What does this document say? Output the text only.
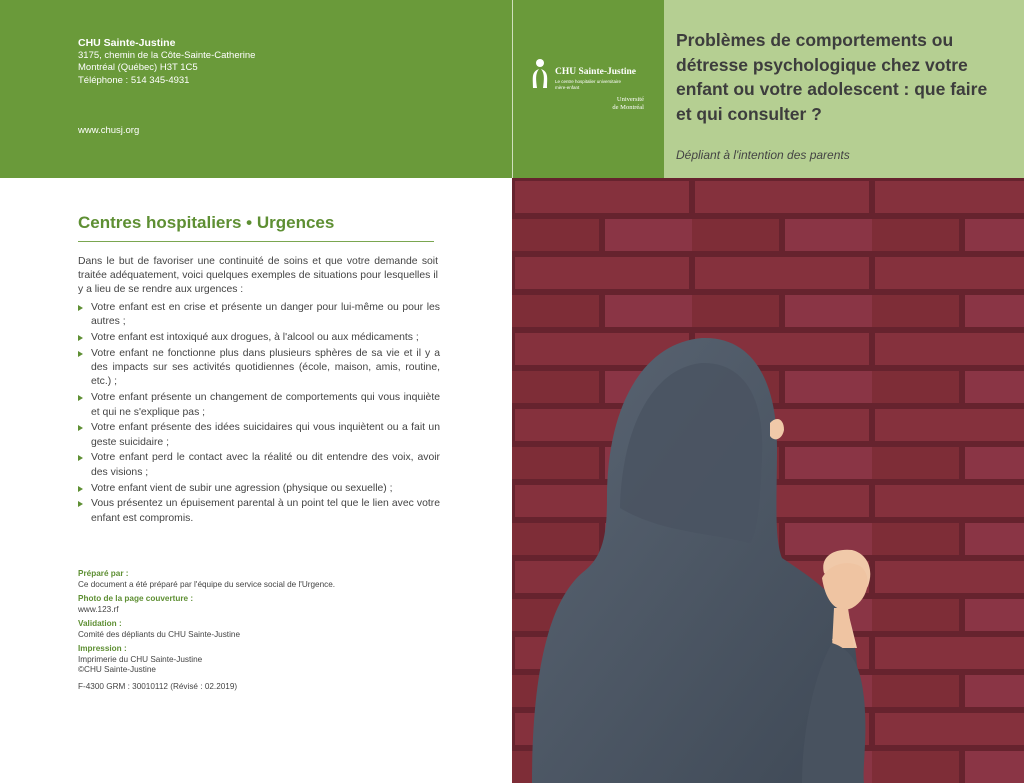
CHU Sainte-Justine
3175, chemin de la Côte-Sainte-Catherine
Montréal (Québec) H3T 1C5
Téléphone : 514 345-4931
www.chusj.org
CHU Sainte-Justine
Le centre hospitalier universitaire mère-enfant
Université
de Montréal
Problèmes de comportements ou détresse psychologique chez votre enfant ou votre adolescent : que faire et qui consulter ?
Dépliant à l'intention des parents
Centres hospitaliers • Urgences
Dans le but de favoriser une continuité de soins et que votre demande soit traitée adéquatement, voici quelques exemples de situations pour lesquelles il y a lieu de se rendre aux urgences :
Votre enfant est en crise et présente un danger pour lui-même ou pour les autres ;
Votre enfant est intoxiqué aux drogues, à l'alcool ou aux médicaments ;
Votre enfant ne fonctionne plus dans plusieurs sphères de sa vie et il y a des impacts sur ses activités quotidiennes (école, maison, amis, routine, etc.) ;
Votre enfant présente un changement de comportements qui vous inquiète et qui ne s'explique pas ;
Votre enfant présente des idées suicidaires qui vous inquiètent ou a fait un geste suicidaire ;
Votre enfant perd le contact avec la réalité ou dit entendre des voix, avoir des visions ;
Votre enfant vient de subir une agression (physique ou sexuelle) ;
Vous présentez un épuisement parental à un point tel que le lien avec votre enfant est compromis.
Préparé par :
Ce document a été préparé par l'équipe du service social de l'Urgence.
Photo de la page couverture :
www.123.rf
Validation :
Comité des dépliants du CHU Sainte-Justine
Impression :
Imprimerie du CHU Sainte-Justine
©CHU Sainte-Justine
F-4300 GRM : 30010112 (Révisé : 02.2019)
